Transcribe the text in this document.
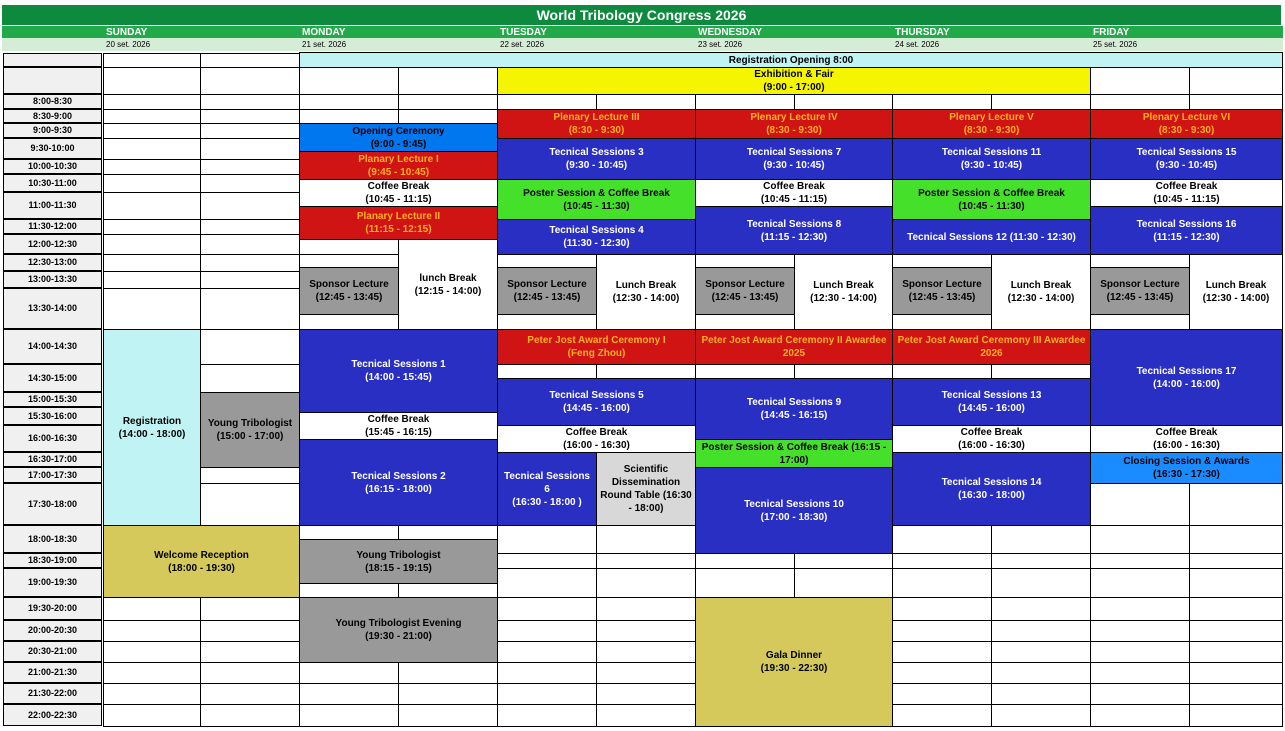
8:00-8:30
8:30-9:00
9:00-9:30
9:30-10:00
10:00-10:30
10:30-11:00
11:00-11:30
11:30-12:00
12:00-12:30
12:30-13:00
13:00-13:30
13:30-14:00
14:00-14:30
14:30-15:00
15:00-15:30
15:30-16:00
16:00-16:30
16:30-17:00
17:00-17:30
17:30-18:00
18:00-18:30
18:30-19:00
19:00-19:30
19:30-20:00
20:00-20:30
20:30-21:00
21:00-21:30
21:30-22:00
22:00-22:30
Registration Opening 8:00
Exhibition & Fair
(9:00 - 17:00)
Registration
(14:00 - 18:00)
Young Tribologist
(15:00 - 17:00)
Welcome Reception
(18:00 - 19:30)
Opening Ceremony
(9:00 - 9:45)
Planary Lecture I
(9:45 - 10:45)
Coffee Break
(10:45 - 11:15)
Planary Lecture II
(11:15 - 12:15)
Sponsor Lecture
(12:45 - 13:45)
lunch Break
(12:15 - 14:00)
Tecnical Sessions 1
(14:00 - 15:45)
Coffee Break
(15:45 - 16:15)
Tecnical Sessions 2
(16:15 - 18:00)
Young Tribologist
(18:15 - 19:15)
Young Tribologist Evening
(19:30 - 21:00)
Plenary Lecture III
(8:30 - 9:30)
Tecnical Sessions 3
(9:30 - 10:45)
Poster Session & Coffee Break
(10:45 - 11:30)
Tecnical Sessions 4
(11:30 - 12:30)
Sponsor Lecture
(12:45 - 13:45)
Lunch Break
(12:30 - 14:00)
Peter Jost Award Ceremony I
(Feng Zhou)
Tecnical Sessions 5
(14:45 - 16:00)
Coffee Break
(16:00 - 16:30)
Tecnical Sessions 6
(16:30 - 18:00 )
Scientific
Dissemination
Round Table (16:30
- 18:00)
Plenary Lecture IV
(8:30 - 9:30)
Tecnical Sessions 7
(9:30 - 10:45)
Coffee Break
(10:45 - 11:15)
Tecnical Sessions 8
(11:15 - 12:30)
Sponsor Lecture
(12:45 - 13:45)
Lunch Break
(12:30 - 14:00)
Peter Jost Award Ceremony II Awardee
2025
Tecnical Sessions 9
(14:45 - 16:15)
Poster Session & Coffee Break (16:15 -
17:00)
Tecnical Sessions 10
(17:00 - 18:30)
Gala Dinner
(19:30 - 22:30)
Plenary Lecture V
(8:30 - 9:30)
Tecnical Sessions 11
(9:30 - 10:45)
Poster Session & Coffee Break
(10:45 - 11:30)
Tecnical Sessions 12 (11:30 - 12:30)
Sponsor Lecture
(12:45 - 13:45)
Lunch Break
(12:30 - 14:00)
Peter Jost Award Ceremony III Awardee
2026
Tecnical Sessions 13
(14:45 - 16:00)
Coffee Break
(16:00 - 16:30)
Tecnical Sessions 14
(16:30 - 18:00)
Plenary Lecture VI
(8:30 - 9:30)
Tecnical Sessions 15
(9:30 - 10:45)
Coffee Break
(10:45 - 11:15)
Tecnical Sessions 16
(11:15 - 12:30)
Sponsor Lecture
(12:45 - 13:45)
Lunch Break
(12:30 - 14:00)
Tecnical Sessions 17
(14:00 - 16:00)
Coffee Break
(16:00 - 16:30)
Closing Session & Awards
(16:30 - 17:30)
World Tribology Congress 2026
SUNDAY
20 set. 2026
MONDAY
21 set. 2026
TUESDAY
22 set. 2026
WEDNESDAY
23 set. 2026
THURSDAY
24 set. 2026
FRIDAY
25 set. 2026
